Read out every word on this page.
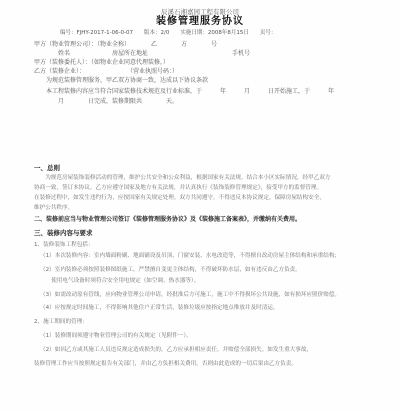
辰溪石湘嘉园工程有限公司
装修管理服务协议
编号：FJHY-2017-1-06-0-07　　版本：2/0　　实施日期：2008年8月15日　　页号：
甲方（物业管理公司）：（物业全称）　　　　乙　　　　方　　　　号
　　　　姓名　　　　　　　房屋所在地址　　　　　　　　　　　　　　手机号
甲方（装修委托人）：（如物业企业同意代理装修，）
乙方（装修企业）：　　　　　　　　（营业执照号码：）
　　为规范装修管理服务，甲乙双方协商一致，达成以下协议条款
　　本工程装修内容应当符合国家装修技术规范及行业标准，于　　　年　　　月　　　日开始施工，于　　　年
　　　　月　　　　日完成，装修期限共　　　　天。
一、总则
　　为规范房屋装饰装修活动的管理，维护公共安全和公众利益，根据国家有关法规，结合本小区实际情况，经甲乙双方
协商一致，签订本协议。乙方应遵守国家及地方有关法规，并认真执行《装饰装修管理规定》，接受甲方的监督管理。
在装修过程中，如发生违约行为，应按国家有关规定处理。双方共同遵守，不得违反本协议规定，保障房屋结构安全，
维护公共秩序。
二、装修前应当与物业管理公司签订《装修管理服务协议》及《装修施工备案表》，并缴纳有关费用。
三、装修内容与要求
1、装修装饰工程包括：
（1）本次装修内容：室内墙面粉刷、地面铺设及吊顶、门窗安装、水电改造等，不得擅自改动房屋主体结构和承重结构；
（2）室内装修必须按照装修图纸施工，严禁擅自变更主体结构，不得破坏防水层，如有违反由乙方负责。
　　使用电气设备时须符合安全用电规定（如空调、热水器等）。
（3）如需改动原有管线，应向物业管理公司申请，经批准后方可施工，施工中不得损坏公共设施，如有损坏应照价赔偿。
（4）应按规定时间施工，不得影响其他住户正常生活，装修垃圾应按指定地点堆放并及时清运。
2、施工期间的管理：
（1）装修期间须遵守物业管理公司的有关规定（见附件一）。
（2）如因乙方或其施工人员违反规定造成损失的，乙方应承担相应责任，并赔偿全部损失。如发生重大事故，
装修管理工作应当按照规定报告有关部门，并由乙方负担相关费用。否则由此造成的一切后果由乙方负责。
